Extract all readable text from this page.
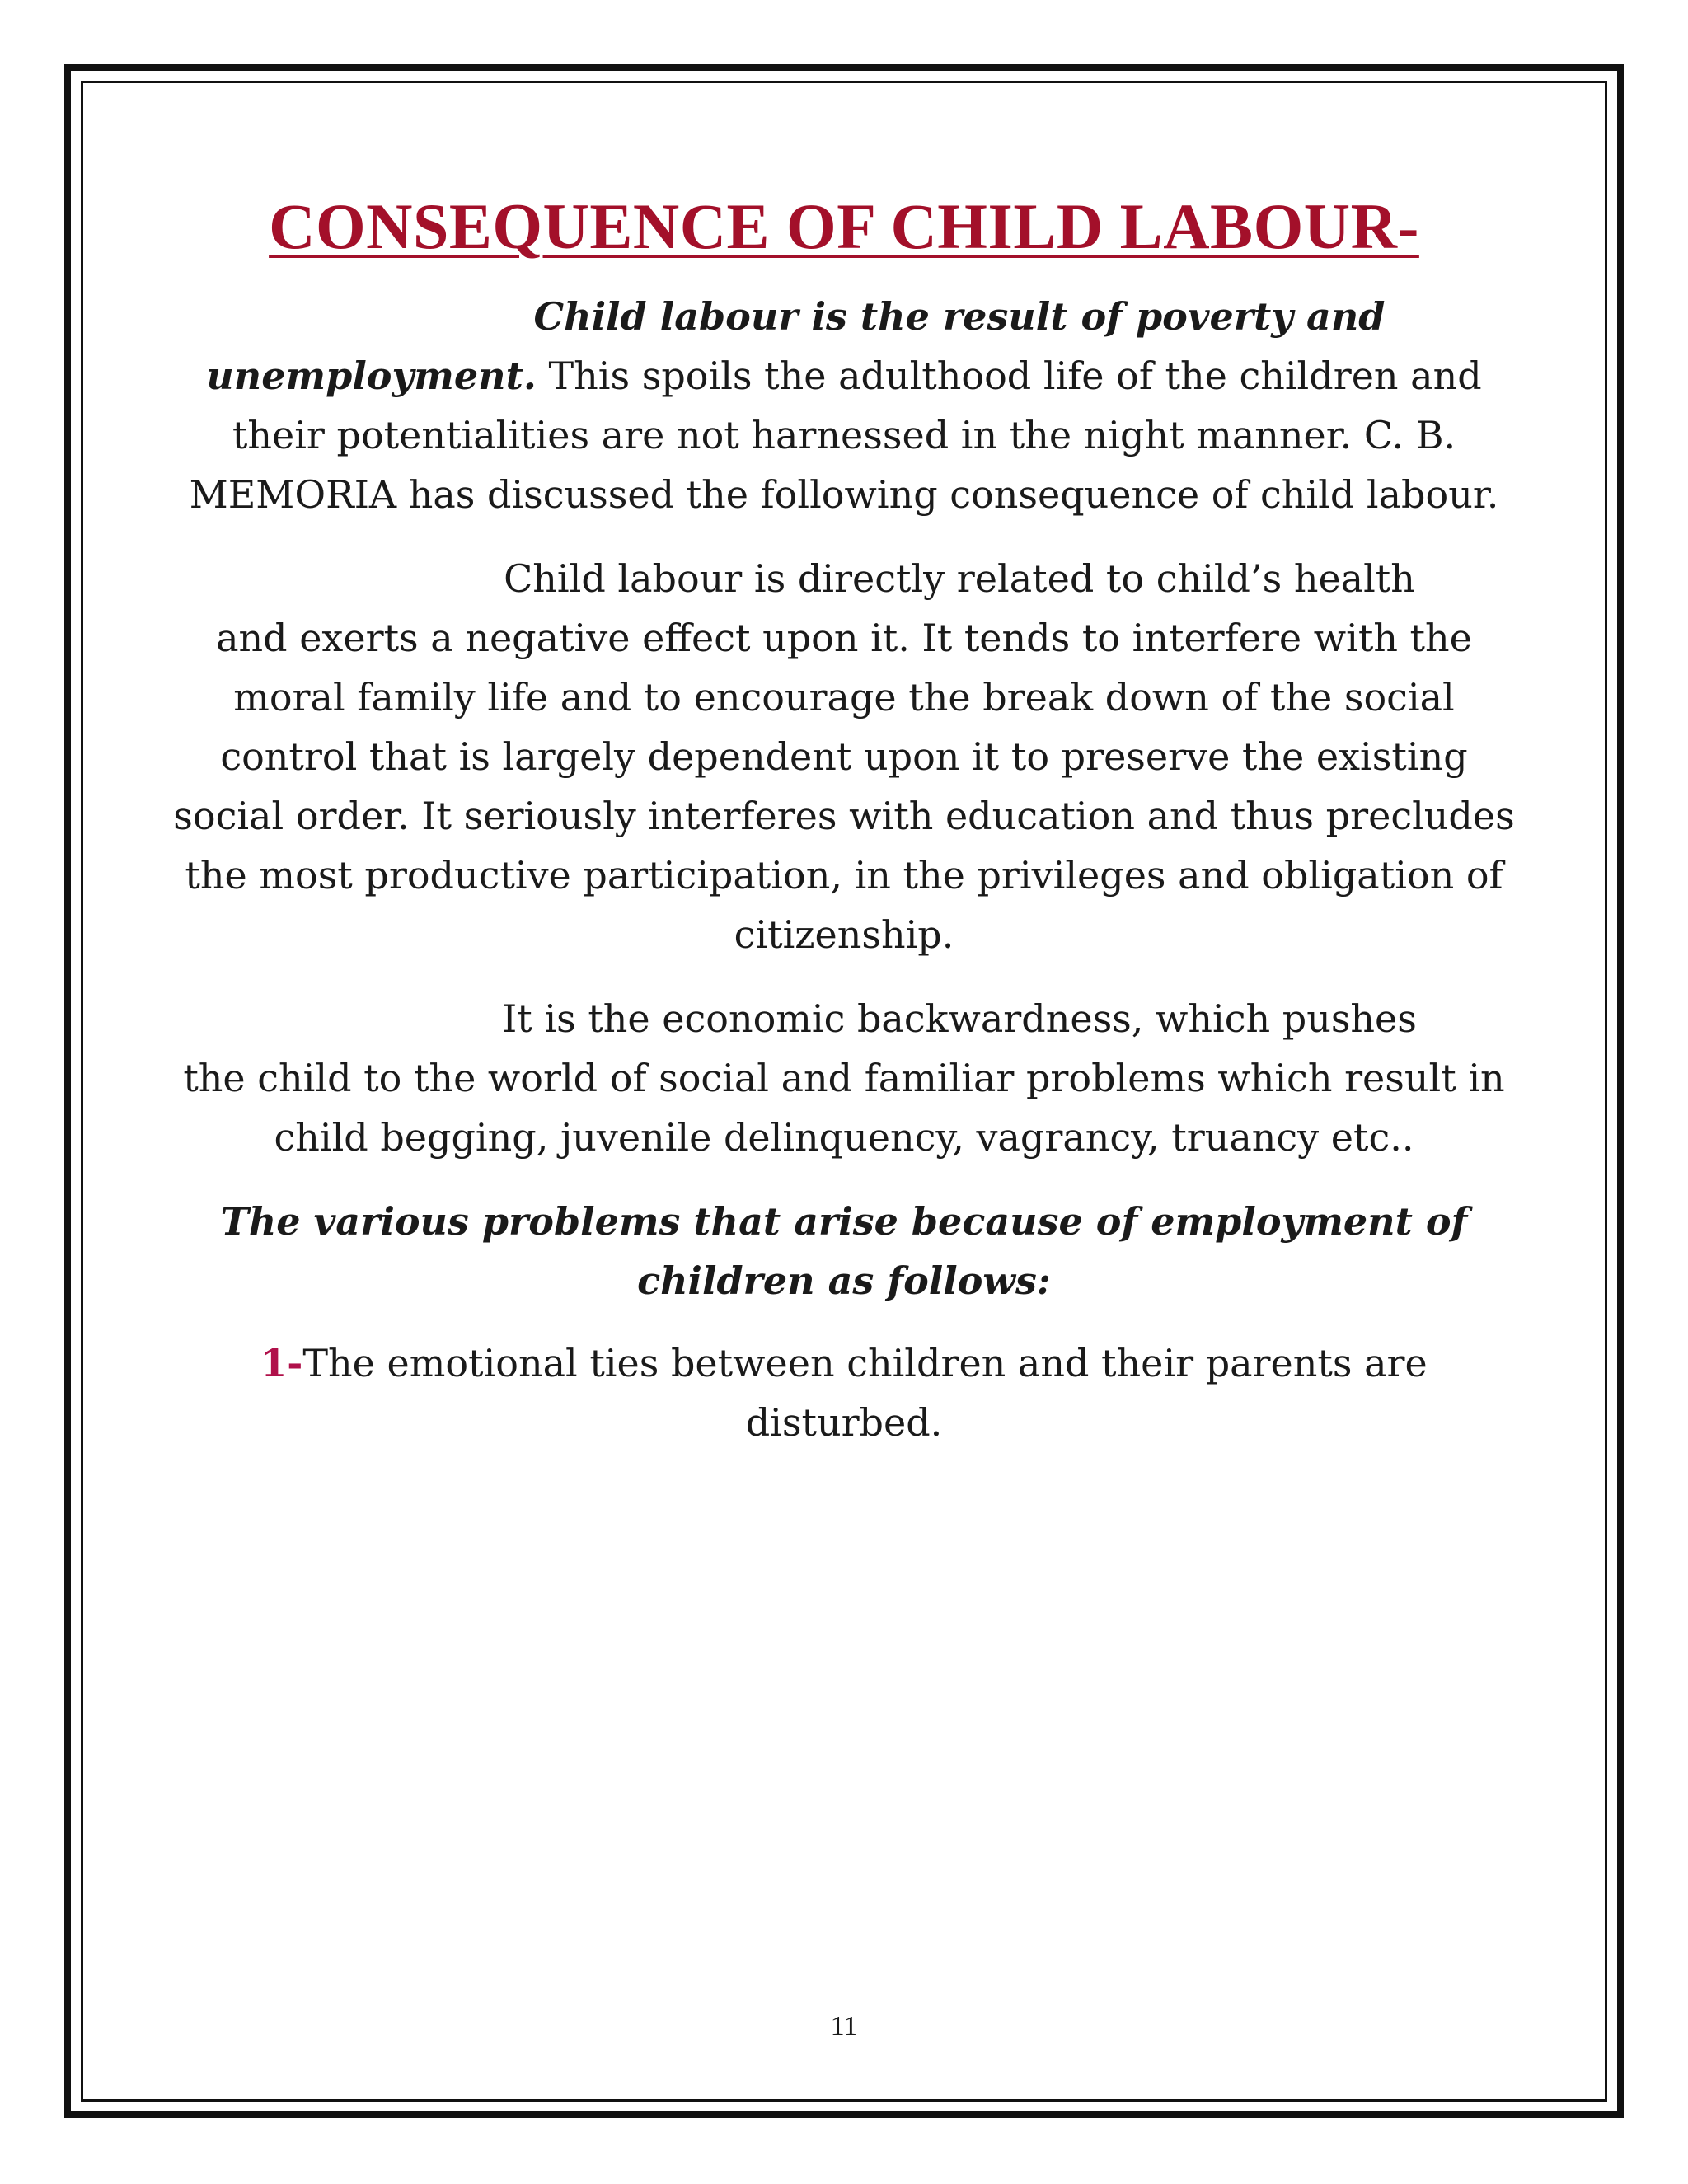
CONSEQUENCE OF CHILD LABOUR-

Child labour is the result of poverty and
unemployment. This spoils the adulthood life of the children and their potentialities are not harnessed in the night manner. C. B. MEMORIA has discussed the following consequence of child labour.

Child labour is directly related to child’s health
and exerts a negative effect upon it. It tends to interfere with the moral family life and to encourage the break down of the social control that is largely dependent upon it to preserve the existing social order. It seriously interferes with education and thus precludes the most productive participation, in the privileges and obligation of citizenship.

It is the economic backwardness, which pushes
the child to the world of social and familiar problems which result in child begging, juvenile delinquency, vagrancy, truancy etc..

The various problems that arise because of employment of children as follows:

1-The emotional ties between children and their parents are disturbed.

11
